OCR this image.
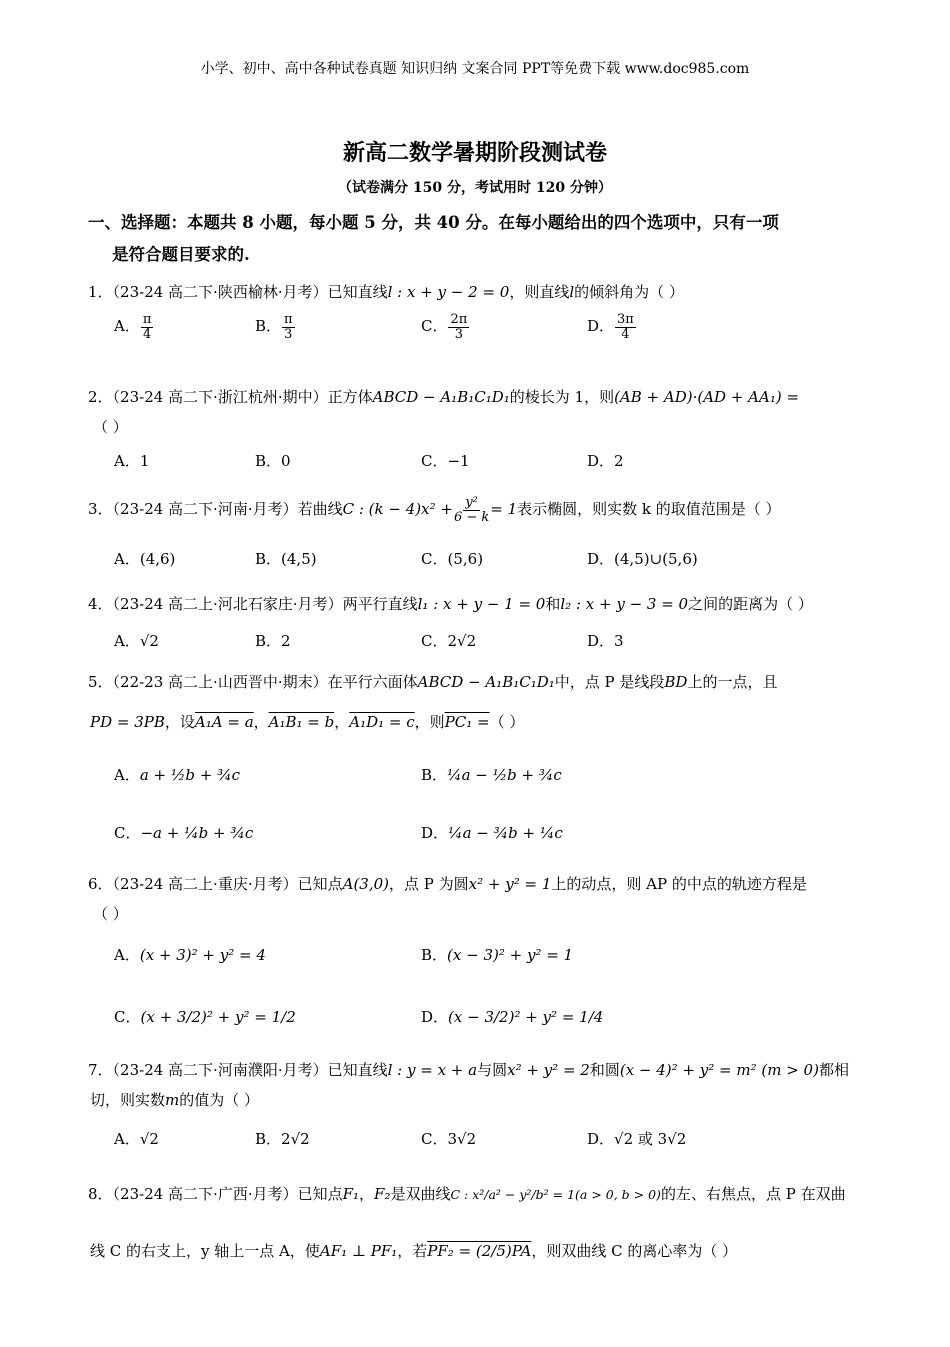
小学、初中、高中各种试卷真题 知识归纳 文案合同 PPT等免费下载 www.doc985.com
新高二数学暑期阶段测试卷
（试卷满分 150 分，考试用时 120 分钟）
一、选择题：本题共 8 小题，每小题 5 分，共 40 分。在每小题给出的四个选项中，只有一项
是符合题目要求的.
1．（23-24 高二下·陕西榆林·月考）已知直线l : x + y − 2 = 0，则直线l的倾斜角为（ ）
A． $\frac{\pi}{4}$	B． $\frac{\pi}{3}$	C． $\frac{2\pi}{3}$	D． $\frac{3\pi}{4}$
2．（23-24 高二下·浙江杭州·期中）正方体ABCD − A₁B₁C₁D₁的棱长为 1，则(AB + AD)·(AD + AA₁) =
（ ）
A．1	B．0	C．−1	D．2
3．（23-24 高二下·河南·月考）若曲线C : $(k - 4)x^2 + \frac{\text{y²}}{6 - k} = 1$表示椭圆，则实数 k 的取值范围是（ ）
A．(4,6)	B．(4,5)	C．(5,6)	D．(4,5)∪(5,6)
4．（23-24 高二上·河北石家庄·月考）两平行直线l₁ : x + y − 1 = 0和l₂ : x + y − 3 = 0之间的距离为（ ）
A．√2	B．2	C．2√2	D．3
5．（22-23 高二上·山西晋中·期末）在平行六面体ABCD − A₁B₁C₁D₁中，点 P 是线段BD上的一点，且
PD = 3PB，设A₁A = a，A₁B₁ = b，A₁D₁ = c，则PC₁ =（ ）
A．a + ½b + ¾c	B．¼a − ½b + ¾c
C．−a + ¼b + ¾c	D．¼a − ¾b + ¼c
6．（23-24 高二上·重庆·月考）已知点A(3,0)，点 P 为圆x² + y² = 1上的动点，则 AP 的中点的轨迹方程是
（ ）
A．(x + 3)² + y² = 4	B．(x − 3)² + y² = 1
C．(x + 3/2)² + y² = 1/2	D．(x − 3/2)² + y² = 1/4
7．（23-24 高二下·河南濮阳·月考）已知直线l : y = x + a与圆x² + y² = 2和圆(x − 4)² + y² = m² (m > 0)都相
切，则实数m的值为（ ）
A．√2	B．2√2	C．3√2	D．√2 或 3√2
8．（23-24 高二下·广西·月考）已知点F₁，F₂是双曲线C : x²/a² − y²/b² = 1(a > 0, b > 0)的左、右焦点，点 P 在双曲
线 C 的右支上，y 轴上一点 A，使AF₁ ⊥ PF₁，若PF₂ = (2/5)PA，则双曲线 C 的离心率为（ ）
